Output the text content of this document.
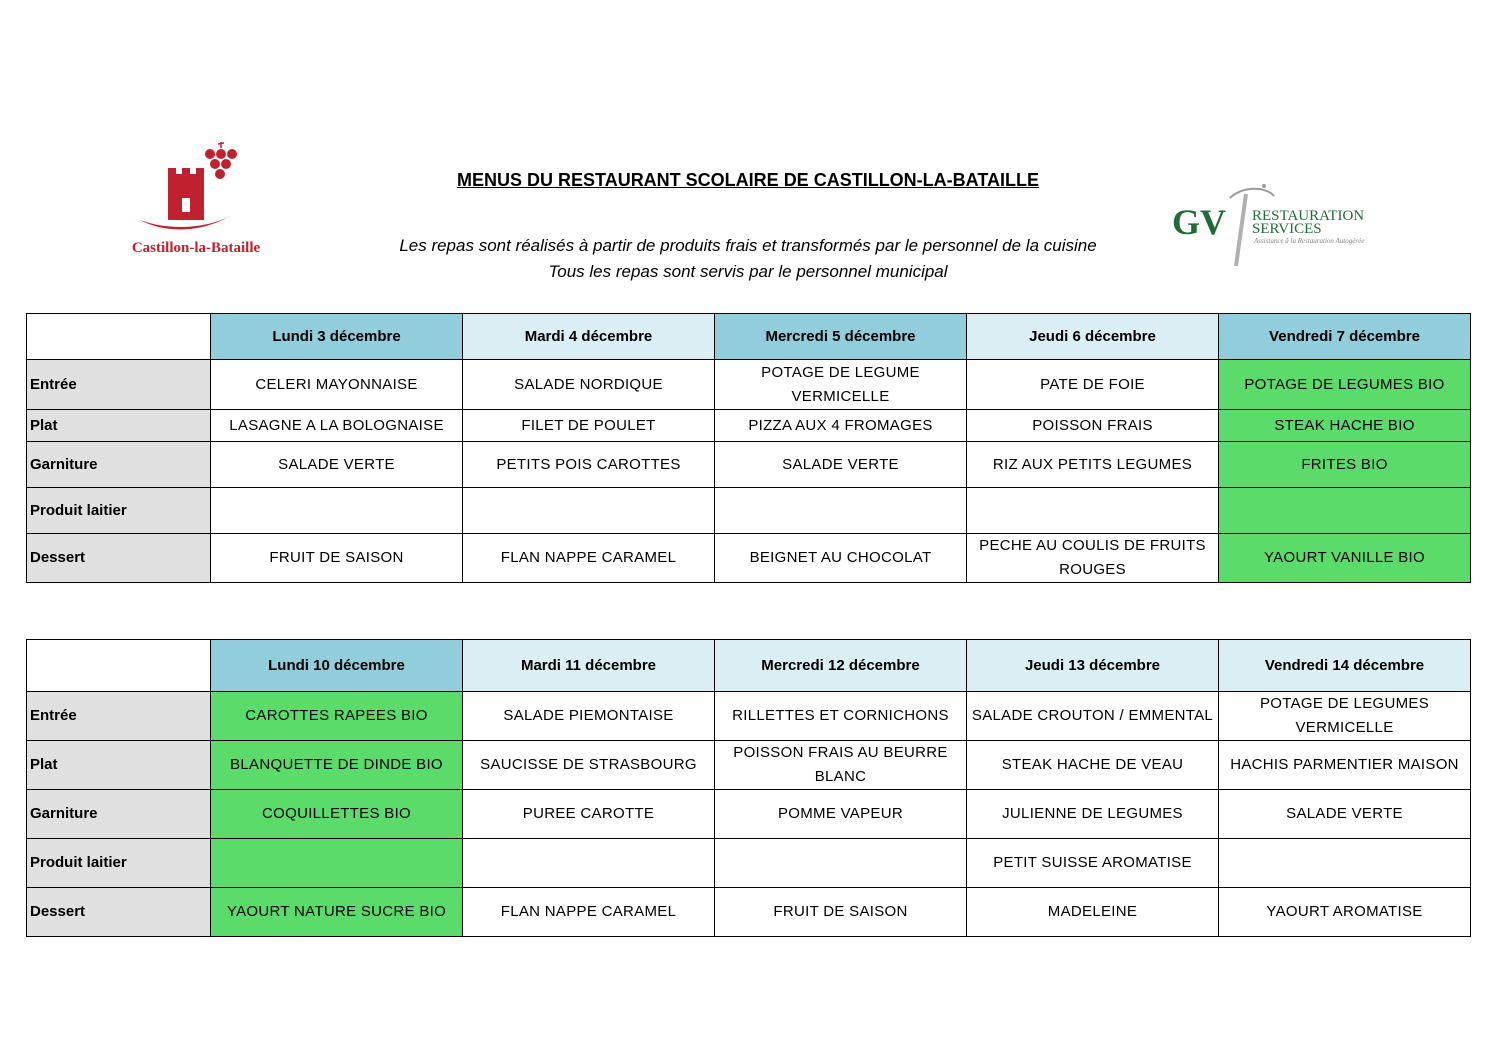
Castillon-la-Bataille
MENUS DU RESTAURANT SCOLAIRE DE CASTILLON-LA-BATAILLE
Les repas sont réalisés à partir de produits frais et transformés par le personnel de la cuisine
Tous les repas sont servis par le personnel municipal
GV RESTAURATION
SERVICES
Assistance à la Restauration Autogérée
	Lundi 3 décembre	Mardi 4 décembre	Mercredi 5 décembre	Jeudi 6 décembre	Vendredi 7 décembre
Entrée	CELERI MAYONNAISE	SALADE NORDIQUE	POTAGE DE LEGUME VERMICELLE	PATE DE FOIE	POTAGE DE LEGUMES BIO
Plat	LASAGNE A LA BOLOGNAISE	FILET DE POULET	PIZZA AUX 4 FROMAGES	POISSON FRAIS	STEAK HACHE BIO
Garniture	SALADE VERTE	PETITS POIS CAROTTES	SALADE VERTE	RIZ AUX PETITS LEGUMES	FRITES BIO
Produit laitier					
Dessert	FRUIT DE SAISON	FLAN NAPPE CARAMEL	BEIGNET AU CHOCOLAT	PECHE AU COULIS DE FRUITS ROUGES	YAOURT VANILLE BIO
	Lundi 10 décembre	Mardi 11 décembre	Mercredi 12 décembre	Jeudi 13 décembre	Vendredi 14 décembre
Entrée	CAROTTES RAPEES BIO	SALADE PIEMONTAISE	RILLETTES ET CORNICHONS	SALADE CROUTON / EMMENTAL	POTAGE DE LEGUMES VERMICELLE
Plat	BLANQUETTE DE DINDE BIO	SAUCISSE DE STRASBOURG	POISSON FRAIS AU BEURRE BLANC	STEAK HACHE DE VEAU	HACHIS PARMENTIER MAISON
Garniture	COQUILLETTES BIO	PUREE CAROTTE	POMME VAPEUR	JULIENNE DE LEGUMES	SALADE VERTE
Produit laitier				PETIT SUISSE AROMATISE	
Dessert	YAOURT NATURE SUCRE BIO	FLAN NAPPE CARAMEL	FRUIT DE SAISON	MADELEINE	YAOURT AROMATISE
